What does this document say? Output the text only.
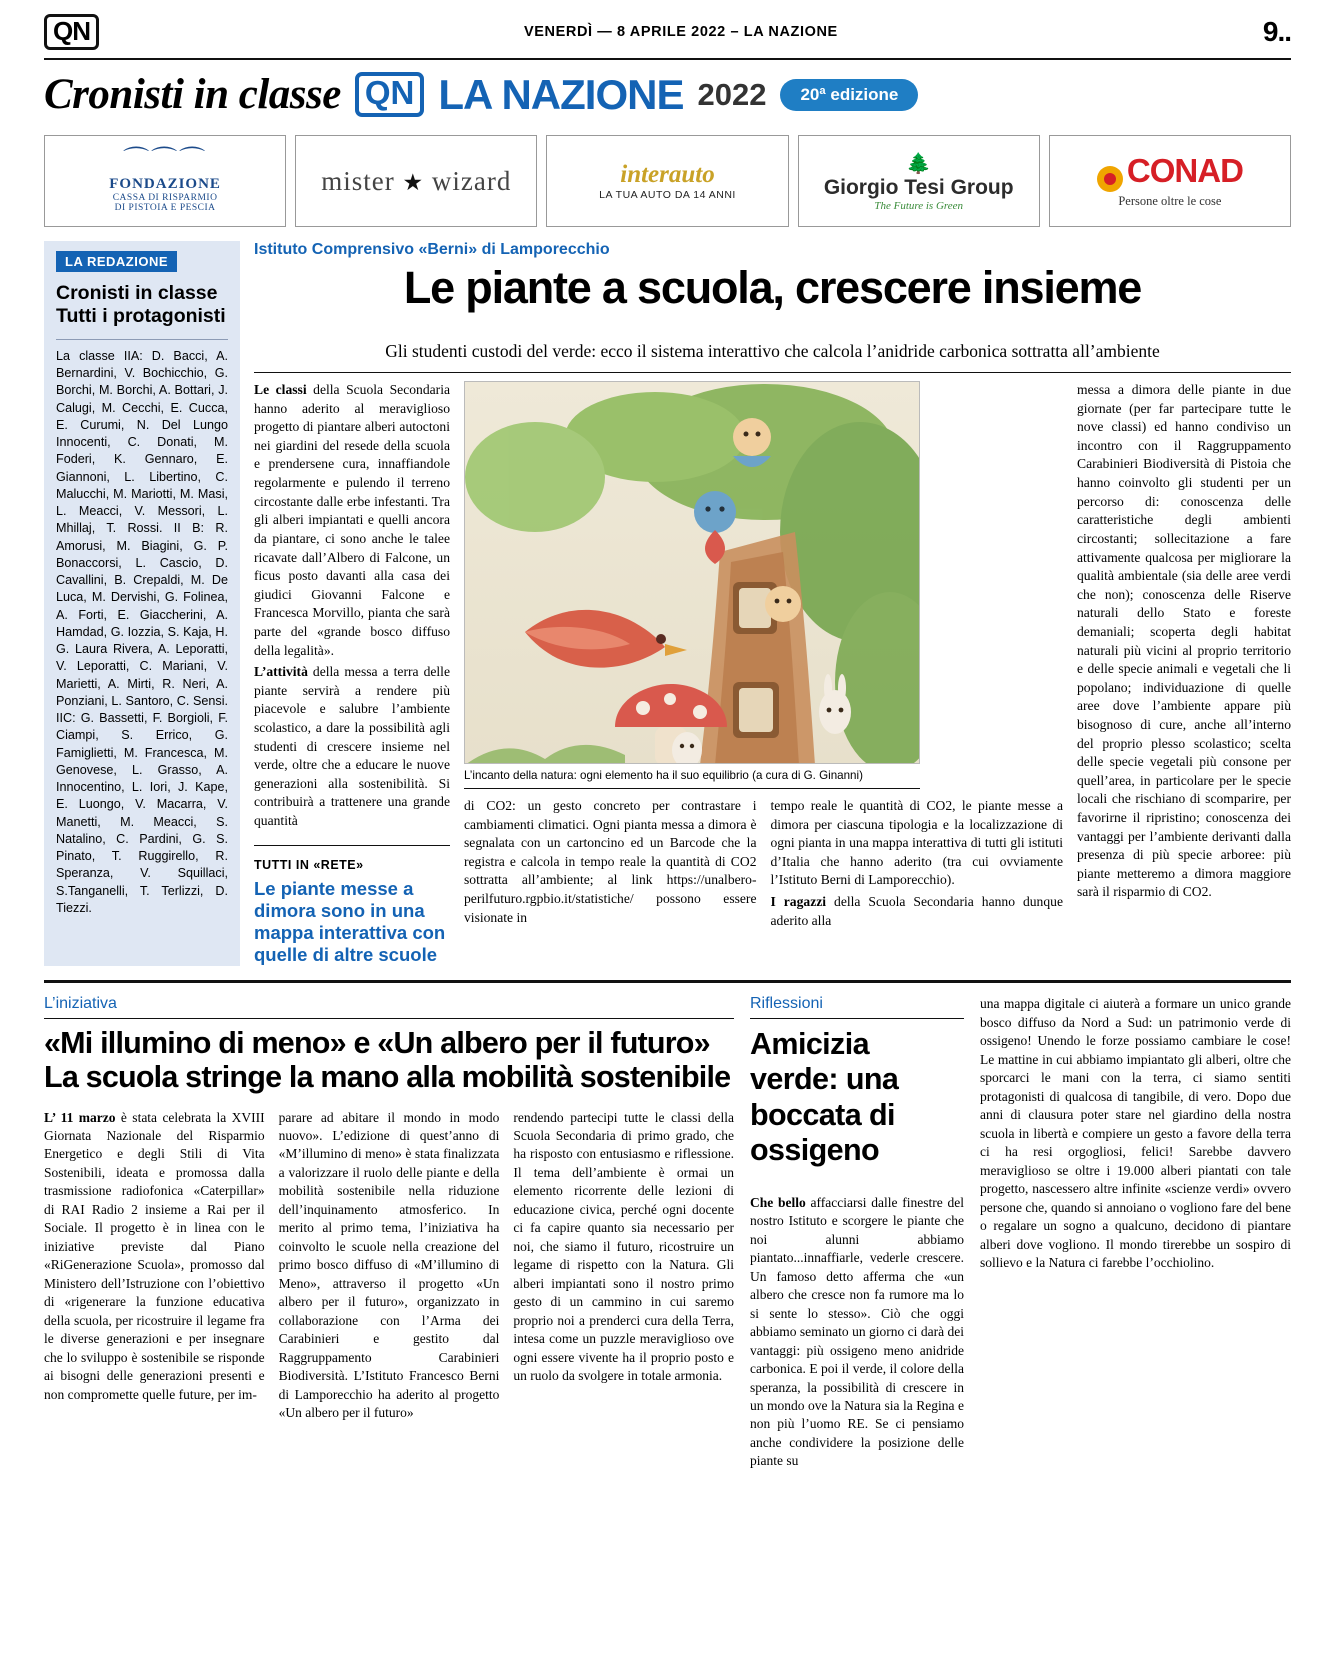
QN	VENERDÌ — 8 APRILE 2022 – LA NAZIONE	9..
Cronisti in classe QN LA NAZIONE 2022	20ª edizione
⌒⌒⌒
FONDAZIONE
CASSA DI RISPARMIO
DI PISTOIA E PESCIA
mister ★ wizard	interauto
LA TUA AUTO DA 14 ANNI
🌲
Giorgio Tesi Group
The Future is Green
CONAD
Persone oltre le cose
LA REDAZIONE
Cronisti in classe
Tutti i protagonisti
La classe IIA: D. Bacci, A. Bernardini, V. Bochicchio, G. Borchi, M. Borchi, A. Bottari, J. Calugi, M. Cecchi, E. Cucca, E. Curumi, N. Del Lungo Innocenti, C. Donati, M. Foderi, K. Gennaro, E. Giannoni, L. Libertino, C. Malucchi, M. Mariotti, M. Masi, L. Meacci, V. Messori, L. Mhillaj, T. Rossi. II B: R. Amorusi, M. Biagini, G. P. Bonaccorsi, L. Cascio, D. Cavallini, B. Crepaldi, M. De Luca, M. Dervishi, G. Folinea, A. Forti, E. Giaccherini, A. Hamdad, G. Iozzia, S. Kaja, H. G. Laura Rivera, A. Leporatti, V. Leporatti, C. Mariani, V. Marietti, A. Mirti, R. Neri, A. Ponziani, L. Santoro, C. Sensi. IIC: G. Bassetti, F. Borgioli, F. Ciampi, S. Errico, G. Famiglietti, M. Francesca, M. Genovese, L. Grasso, A. Innocentino, L. Iori, J. Kape, E. Luongo, V. Macarra, V. Manetti, M. Meacci, S. Natalino, C. Pardini, G. S. Pinato, T. Ruggirello, R. Speranza, V. Squillaci, S.Tanganelli, T. Terlizzi, D. Tiezzi.
Istituto Comprensivo «Berni» di Lamporecchio
Le piante a scuola, crescere insieme
Gli studenti custodi del verde: ecco il sistema interattivo che calcola l’anidride carbonica sottratta all’ambiente

Le classi della Scuola Secondaria hanno aderito al meraviglioso progetto di piantare alberi autoctoni nei giardini del resede della scuola e prendersene cura, innaffiandole regolarmente e pulendo il terreno circostante dalle erbe infestanti. Tra gli alberi impiantati e quelli ancora da piantare, ci sono anche le talee ricavate dall’Albero di Falcone, un ficus posto davanti alla casa dei giudici Giovanni Falcone e Francesca Morvillo, pianta che sarà parte del «grande bosco diffuso della legalità».

L’attività della messa a terra delle piante servirà a rendere più piacevole e salubre l’ambiente scolastico, a dare la possibilità agli studenti di crescere insieme nel verde, oltre che a educare le nuove generazioni alla sostenibilità. Si contribuirà a trattenere una grande quantità

TUTTI IN «RETE»
Le piante messe a dimora sono in una mappa interattiva con quelle di altre scuole
L’incanto della natura: ogni elemento ha il suo equilibrio (a cura di G. Ginanni)

di CO2: un gesto concreto per contrastare i cambiamenti climatici. Ogni pianta messa a dimora è segnalata con un cartoncino ed un Barcode che la registra e calcola in tempo reale la quantità di CO2 sottratta all’ambiente; al link https://unalbero-perilfuturo.rgpbio.it/statistiche/ possono essere visionate in

tempo reale le quantità di CO2, le piante messe a dimora per ciascuna tipologia e la localizzazione di ogni pianta in una mappa interattiva di tutti gli istituti d’Italia che hanno aderito (tra cui ovviamente l’Istituto Berni di Lamporecchio).

I ragazzi della Scuola Secondaria hanno dunque aderito alla

messa a dimora delle piante in due giornate (per far partecipare tutte le nove classi) ed hanno condiviso un incontro con il Raggruppamento Carabinieri Biodiversità di Pistoia che hanno coinvolto gli studenti per un percorso di: conoscenza delle caratteristiche degli ambienti circostanti; sollecitazione a fare attivamente qualcosa per migliorare la qualità ambientale (sia delle aree verdi che non); conoscenza delle Riserve naturali dello Stato e foreste demaniali; scoperta degli habitat naturali più vicini al proprio territorio e delle specie animali e vegetali che li popolano; individuazione di quelle aree dove l’ambiente appare più bisognoso di cure, anche all’interno del proprio plesso scolastico; scelta delle specie vegetali più consone per quell’area, in particolare per le specie locali che rischiano di scomparire, per favorirne il ripristino; conoscenza dei vantaggi per l’ambiente derivanti dalla presenza di più specie arboree: più piante metteremo a dimora maggiore sarà il risparmio di CO2.

L’iniziativa
«Mi illumino di meno» e «Un albero per il futuro»
La scuola stringe la mano alla mobilità sostenibile

L’ 11 marzo è stata celebrata la XVIII Giornata Nazionale del Risparmio Energetico e degli Stili di Vita Sostenibili, ideata e promossa dalla trasmissione radiofonica «Caterpillar» di RAI Radio 2 insieme a Rai per il Sociale. Il progetto è in linea con le iniziative previste dal Piano «RiGenerazione Scuola», promosso dal Ministero dell’Istruzione con l’obiettivo di «rigenerare la funzione educativa della scuola, per ricostruire il legame fra le diverse generazioni e per insegnare che lo sviluppo è sostenibile se risponde ai bisogni delle generazioni presenti e non compromette quelle future, per im-

parare ad abitare il mondo in modo nuovo». L’edizione di quest’anno di «M’illumino di meno» è stata finalizzata a valorizzare il ruolo delle piante e della mobilità sostenibile nella riduzione dell’inquinamento atmosferico. In merito al primo tema, l’iniziativa ha coinvolto le scuole nella creazione del primo bosco diffuso di «M’illumino di Meno», attraverso il progetto «Un albero per il futuro», organizzato in collaborazione con l’Arma dei Carabinieri e gestito dal Raggruppamento Carabinieri Biodiversità. L’Istituto Francesco Berni di Lamporecchio ha aderito al progetto «Un albero per il futuro»

rendendo partecipi tutte le classi della Scuola Secondaria di primo grado, che ha risposto con entusiasmo e riflessione. Il tema dell’ambiente è ormai un elemento ricorrente delle lezioni di educazione civica, perché ogni docente ci fa capire quanto sia necessario per noi, che siamo il futuro, ricostruire un legame di rispetto con la Natura. Gli alberi impiantati sono il nostro primo gesto di un cammino in cui saremo proprio noi a prenderci cura della Terra, intesa come un puzzle meraviglioso ove ogni essere vivente ha il proprio posto e un ruolo da svolgere in totale armonia.

Riflessioni
Amicizia verde: una boccata di ossigeno

Che bello affacciarsi dalle finestre del nostro Istituto e scorgere le piante che noi alunni abbiamo piantato...innaffiarle, vederle crescere. Un famoso detto afferma che «un albero che cresce non fa rumore ma lo si sente lo stesso». Ciò che oggi abbiamo seminato un giorno ci darà dei vantaggi: più ossigeno meno anidride carbonica. E poi il verde, il colore della speranza, la possibilità di crescere in un mondo ove la Natura sia la Regina e non più l’uomo RE. Se ci pensiamo anche condividere la posizione delle piante su

una mappa digitale ci aiuterà a formare un unico grande bosco diffuso da Nord a Sud: un patrimonio verde di ossigeno! Unendo le forze possiamo cambiare le cose! Le mattine in cui abbiamo impiantato gli alberi, oltre che sporcarci le mani con la terra, ci siamo sentiti protagonisti di qualcosa di tangibile, di vero. Dopo due anni di clausura poter stare nel giardino della nostra scuola in libertà e compiere un gesto a favore della terra ci ha resi orgogliosi, felici! Sarebbe davvero meraviglioso se oltre i 19.000 alberi piantati con tale progetto, nascessero altre infinite «scienze verdi» ovvero persone che, quando si annoiano o vogliono fare del bene o regalare un sogno a qualcuno, decidono di piantare alberi dove vogliono. Il mondo tirerebbe un sospiro di sollievo e la Natura ci farebbe l’occhiolino.
